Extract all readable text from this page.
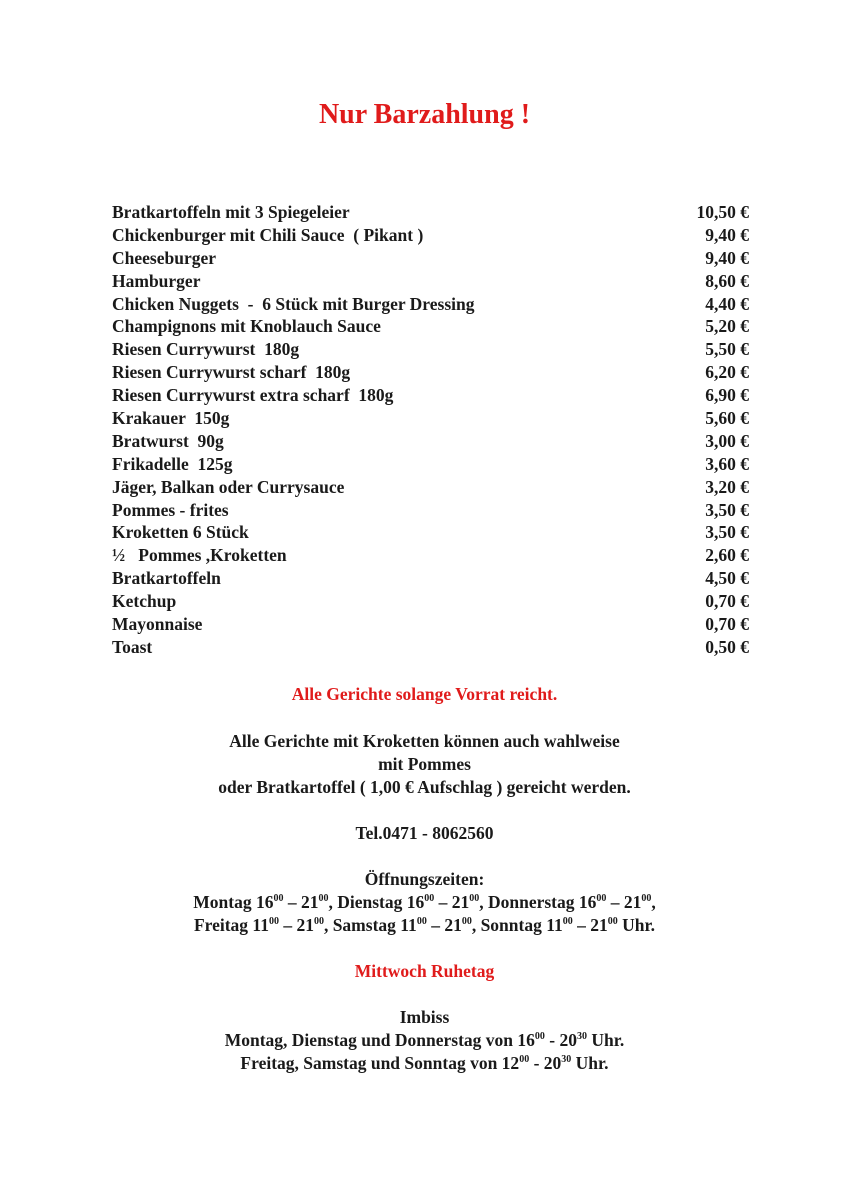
Nur Barzahlung !
Bratkartoffeln mit 3 Spiegeleier	10,50 €
Chickenburger mit Chili Sauce  ( Pikant )	9,40 €
Cheeseburger	9,40 €
Hamburger	8,60 €
Chicken Nuggets  -  6 Stück mit Burger Dressing	4,40 €
Champignons mit Knoblauch Sauce	5,20 €
Riesen Currywurst  180g	5,50 €
Riesen Currywurst scharf  180g	6,20 €
Riesen Currywurst extra scharf  180g	6,90 €
Krakauer  150g	5,60 €
Bratwurst  90g	3,00 €
Frikadelle  125g	3,60 €
Jäger, Balkan oder Currysauce	3,20 €
Pommes - frites	3,50 €
Kroketten 6 Stück	3,50 €
½   Pommes ,Kroketten	2,60 €
Bratkartoffeln	4,50 €
Ketchup	0,70 €
Mayonnaise	0,70 €
Toast	0,50 €
Alle Gerichte solange Vorrat reicht.
Alle Gerichte mit Kroketten können auch wahlweise
mit Pommes
oder Bratkartoffel ( 1,00 € Aufschlag ) gereicht werden.
Tel.0471 - 8062560
Öffnungszeiten:
Montag $16^{00} - 21^{00}$, Dienstag $16^{00} - 21^{00}$, Donnerstag $16^{00} - 21^{00}$,
Freitag $11^{00} - 21^{00}$, Samstag $11^{00} - 21^{00}$, Sonntag $11^{00} - 21^{00}$ Uhr.
Mittwoch Ruhetag
Imbiss
Montag, Dienstag und Donnerstag von $16^{00} - 20^{30}$ Uhr.
Freitag, Samstag und Sonntag von $12^{00} - 20^{30}$ Uhr.
